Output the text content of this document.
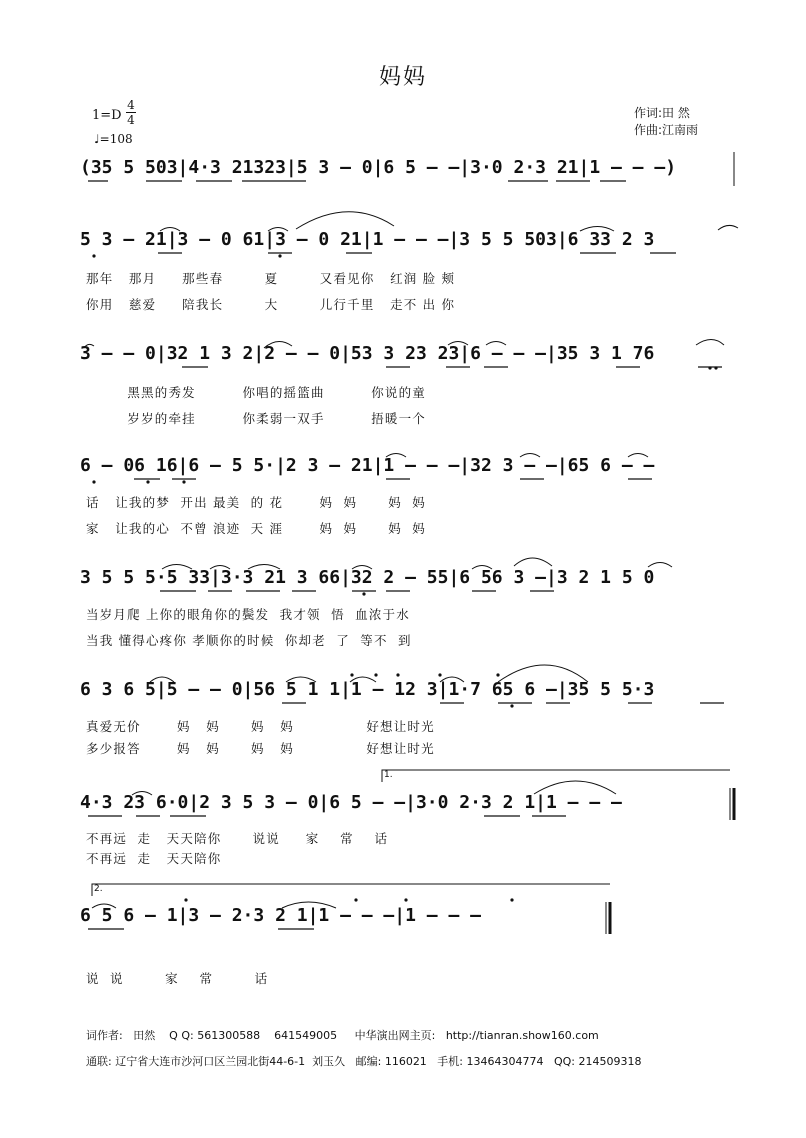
妈妈
1=D
4
4
♩=108
作词:田 然
作曲:江南雨
(35 5 503|4·3 21323|5 3 – 0|6 5 – –|3·0 2·3 21|1 – – –)
5 3 – 21|3 – 0 61|3 – 0 21|1 – – –|3 5 5 503|6 33 2 3
那年   那月     那些春        夏        又看见你   红润 脸 颊
你用   慈爱     陪我长        大        儿行千里   走不 出 你
3 – – 0|32 1 3 2|2 – – 0|53 3 23 23|6 – – –|35 3 1 76
黑黑的秀发         你唱的摇篮曲         你说的童
岁岁的牵挂         你柔弱一双手         捂暖一个
6 – 06 16|6 – 5 5·|2 3 – 21|1 – – –|32 3 – –|65 6 – –
话   让我的梦  开出 最美  的 花       妈  妈      妈  妈
家   让我的心  不曾 浪迹  天 涯       妈  妈      妈  妈
3 5 5 5·5 33|3·3 21 3 66|32 2 – 55|6 56 3 –|3 2 1 5 0
当岁月爬 上你的眼角你的鬓发  我才领  悟  血浓于水
当我 懂得心疼你 孝顺你的时候  你却老  了  等不  到
6 3 6 5|5 – – 0|56 5 1 1|1 – 12 3|1·7 65 6 –|35 5 5·3
真爱无价       妈   妈      妈   妈              好想让时光
多少报答       妈   妈      妈   妈              好想让时光
1.
4·3 23 6·0|2 3 5 3 – 0|6 5 – –|3·0 2·3 2 1|1 – – –
不再远  走   天天陪你      说说     家    常    话
不再远  走   天天陪你
2.
6 5 6 – 1|3 – 2·3 2 1|1 – – –|1 – – –
说  说        家    常        话
词作者:   田然    Q Q: 561300588    641549005     中华演出网主页:   http://tianran.show160.com
通联: 辽宁省大连市沙河口区兰园北街44-6-1  刘玉久   邮编: 116021   手机: 13464304774   QQ: 214509318
